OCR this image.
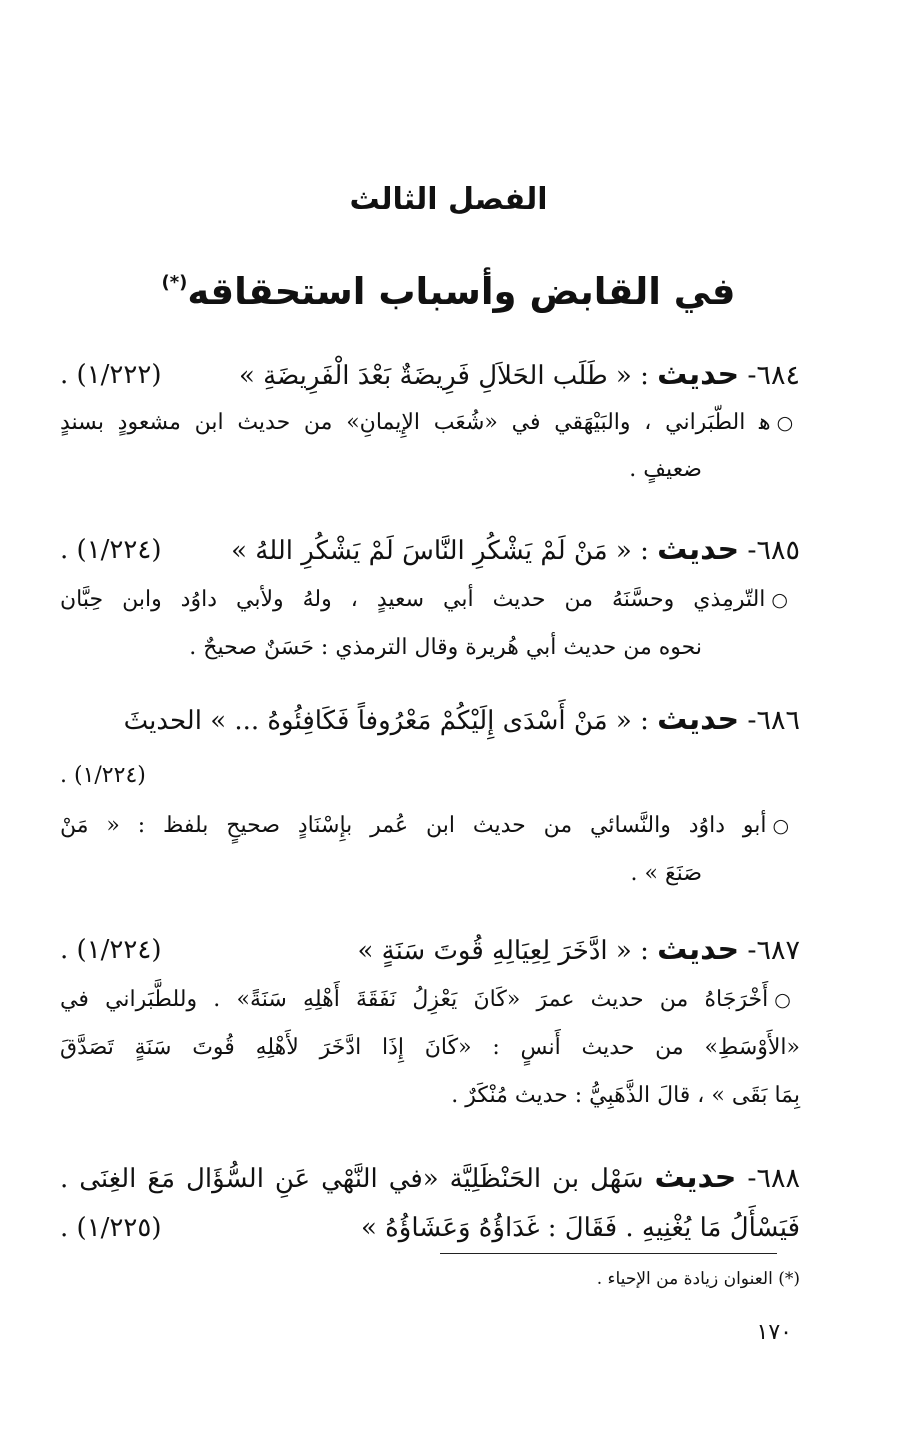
الفصل الثالث
في القابض وأسباب استحقاقه(*)
٦٨٤- حديث : « طَلَب الحَلاَلِ فَرِيضَةٌ بَعْدَ الْفَرِيضَةِ »
(١/٢٢٢) .
○ﻫ الطّبَراني ، والبَيْهَقي في «شُعَب الإِيمانِ» من حديث ابن مشعودٍ بسندٍ
ضعيفٍ .
٦٨٥- حديث : « مَنْ لَمْ يَشْكُرِ النَّاسَ لَمْ يَشْكُرِ اللهُ »
(١/٢٢٤) .
○التّرمِذي وحسَّنَهُ من حديث أبي سعيدٍ ، ولهُ ولأبي داوُد وابن حِبَّان
نحوه من حديث أبي هُريرة وقال الترمذي : حَسَنٌ صحيحٌ .
٦٨٦- حديث : « مَنْ أَسْدَى إِلَيْكُمْ مَعْرُوفاً فَكَافِئُوهُ ... » الحديثَ
(١/٢٢٤) .
○أبو داوُد والنَّسائي من حديث ابن عُمر بإِسْنَادٍ صحيحٍ بلفظ : « مَنْ
صَنَعَ » .
٦٨٧- حديث : « ادَّخَرَ لِعِيَالِهِ قُوتَ سَنَةٍ »
(١/٢٢٤) .
○أَخْرَجَاهُ من حديث عمرَ «كَانَ يَعْزِلُ نَفَقَةَ أَهْلِهِ سَنَةً» . وللطَّبَراني في
«الأَوْسَطِ» من حديث أَنسٍ : «كَانَ إِذَا ادَّخَرَ لأَهْلِهِ قُوتَ سَنَةٍ تَصَدَّقَ
بِمَا بَقَى » ، قالَ الذَّهَبِيُّ : حديث مُنْكَرٌ .
٦٨٨- حديث سَهْل بن الحَنْظَلِيَّة «في النَّهْي عَنِ السُّؤَال مَعَ الغِنَى .
فَيَسْأَلُ مَا يُغْنِيهِ . فَقَالَ : غَدَاؤُهُ وَعَشَاؤُهُ »
(١/٢٢٥) .
(*) العنوان زيادة من الإحياء .
١٧٠
